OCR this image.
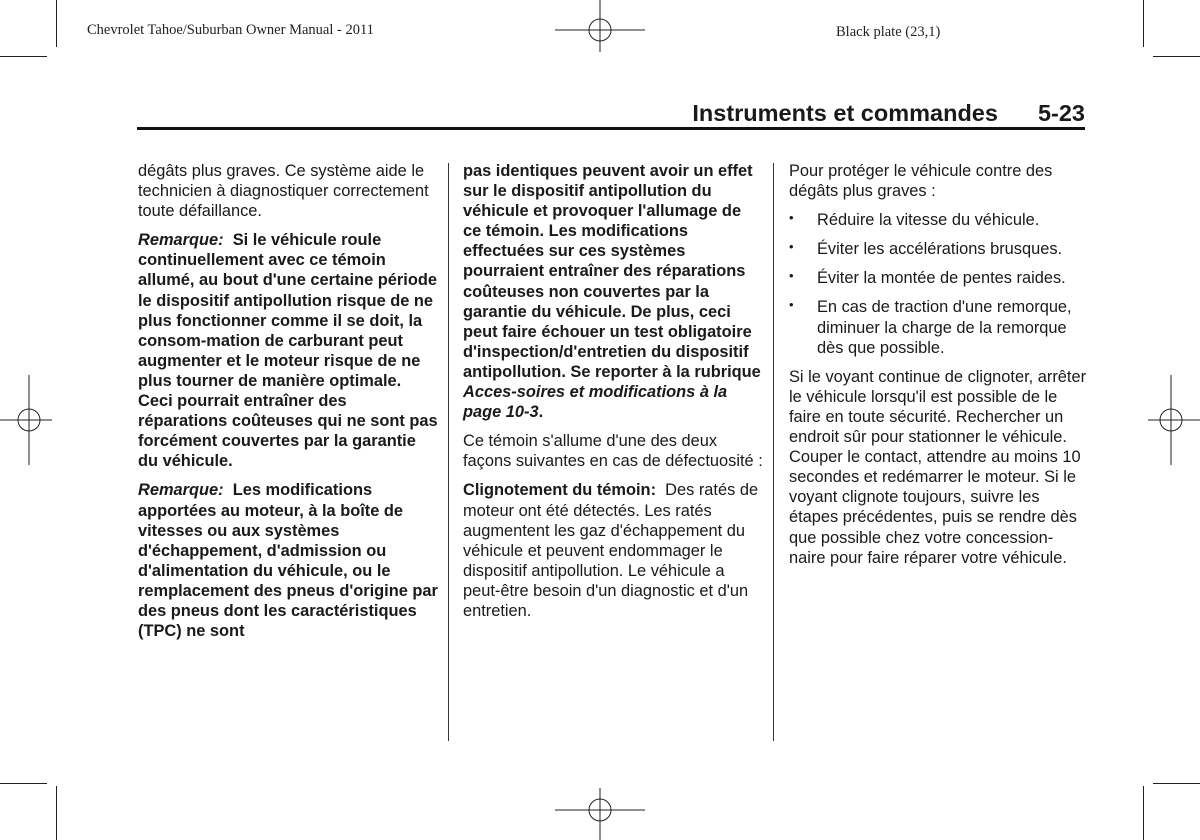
Chevrolet Tahoe/Suburban Owner Manual - 2011	Black plate (23,1)
Instruments et commandes 5-23

dégâts plus graves. Ce système aide le technicien à diagnostiquer correctement toute défaillance.

Remarque: Si le véhicule roule continuellement avec ce témoin allumé, au bout d'une certaine période le dispositif antipollution risque de ne plus fonctionner comme il se doit, la consom-mation de carburant peut augmenter et le moteur risque de ne plus tourner de manière optimale. Ceci pourrait entraîner des réparations coûteuses qui ne sont pas forcément couvertes par la garantie du véhicule.

Remarque: Les modifications apportées au moteur, à la boîte de vitesses ou aux systèmes d'échappement, d'admission ou d'alimentation du véhicule, ou le remplacement des pneus d'origine par des pneus dont les caractéristiques (TPC) ne sont

pas identiques peuvent avoir un effet sur le dispositif antipollution du véhicule et provoquer l'allumage de ce témoin. Les modifications effectuées sur ces systèmes pourraient entraîner des réparations coûteuses non couvertes par la garantie du véhicule. De plus, ceci peut faire échouer un test obligatoire d'inspection/d'entretien du dispositif antipollution. Se reporter à la rubrique Acces-soires et modifications à la page 10-3.

Ce témoin s'allume d'une des deux façons suivantes en cas de défectuosité :

Clignotement du témoin: Des ratés de moteur ont été détectés. Les ratés augmentent les gaz d'échappement du véhicule et peuvent endommager le dispositif antipollution. Le véhicule a peut-être besoin d'un diagnostic et d'un entretien.

Pour protéger le véhicule contre des dégâts plus graves :

• Réduire la vitesse du véhicule.
• Éviter les accélérations brusques.
• Éviter la montée de pentes raides.
• En cas de traction d'une remorque, diminuer la charge de la remorque dès que possible.

Si le voyant continue de clignoter, arrêter le véhicule lorsqu'il est possible de le faire en toute sécurité. Rechercher un endroit sûr pour stationner le véhicule. Couper le contact, attendre au moins 10 secondes et redémarrer le moteur. Si le voyant clignote toujours, suivre les étapes précédentes, puis se rendre dès que possible chez votre concession-naire pour faire réparer votre véhicule.
